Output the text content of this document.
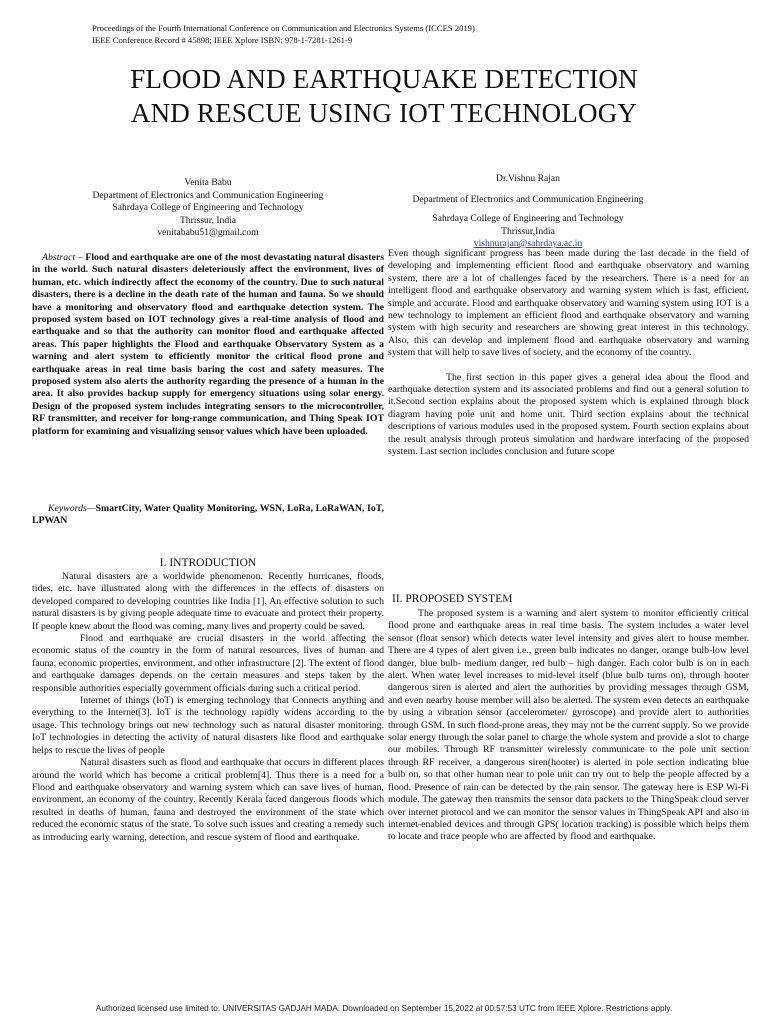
Proceedings of the Fourth International Conference on Communication and Electronics Systems (ICCES 2019)
IEEE Conference Record # 45898; IEEE Xplore ISBN: 978-1-7281-1261-9
FLOOD AND EARTHQUAKE DETECTION
AND RESCUE USING IOT TECHNOLOGY
Venita Babu
Department of Electronics and Communication Engineering
Sahrdaya College of Engineering and Technology
Thrissur, India
venitababu51@gmail.com
Dr.Vishnu Rajan
Department of Electronics and Communication Engineering
Sahrdaya College of Engineering and Technology
Thrissur,India
vishnurajan@sahrdaya.ac.in

Abstract – Flood and earthquake are one of the most devastating natural disasters in the world. Such natural disasters deleteriously affect the environment, lives of human, etc. which indirectly affect the economy of the country. Due to such natural disasters, there is a decline in the death rate of the human and fauna. So we should have a monitoring and observatory flood and earthquake detection system. The proposed system based on IOT technology gives a real-time analysis of flood and earthquake and so that the authority can monitor flood and earthquake affected areas. This paper highlights the Flood and earthquake Observatory System as a warning and alert system to efficiently monitor the critical flood prone and earthquake areas in real time basis baring the cost and safety measures. The proposed system also alerts the authority regarding the presence of a human in the area. It also provides backup supply for emergency situations using solar energy. Design of the proposed system includes integrating sensors to the microcontroller, RF transmitter, and receiver for long-range communication, and Thing Speak IOT platform for examining and visualizing sensor values which have been uploaded.

Keywords—SmartCity, Water Quality Monitoring, WSN, LoRa, LoRaWAN, IoT, LPWAN

I. INTRODUCTION

Natural disasters are a worldwide phenomenon. Recently hurricanes, floods, tides, etc. have illustrated along with the differences in the effects of disasters on developed compared to developing countries like India [1]. An effective solution to such natural disasters is by giving people adequate time to evacuate and protect their property. If people knew about the flood was coming, many lives and property could be saved.

Flood and earthquake are crucial disasters in the world affecting the economic status of the country in the form of natural resources, lives of human and fauna, economic properties, environment, and other infrastructure [2]. The extent of flood and earthquake damages depends on the certain measures and steps taken by the responsible authorities especially government officials during such a critical period.

Internet of things (IoT) is emerging technology that Connects anything and everything to the Internet[3]. IoT is the technology rapidly widens according to the usage. This technology brings out new technology such as natural disaster monitoring. IoT technologies in detecting the activity of natural disasters like flood and earthquake helps to rescue the lives of people

Natural disasters such as flood and earthquake that occurs in different places around the world which has become a critical problem[4]. Thus there is a need for a Flood and earthquake observatory and warning system which can save lives of human, environment, an economy of the country. Recently Kerala faced dangerous floods which resulted in deaths of human, fauna and destroyed the environment of the state which reduced the economic status of the state. To solve such issues and creating a remedy such as introducing early warning, detection, and rescue system of flood and earthquake.

Even though significant progress has been made during the last decade in the field of developing and implementing efficient flood and earthquake observatory and warning system, there are a lot of challenges faced by the researchers. There is a need for an intelligent flood and earthquake observatory and warning system which is fast, efficient, simple and accurate. Flood and earthquake observatory and warning system using IOT is a new technology to implement an efficient flood and earthquake observatory and warning system with high security and researchers are showing great interest in this technology. Also, this can develop and implement flood and earthquake observatory and warning system that will help to save lives of society, and the economy of the country.

The first section in this paper gives a general idea about the flood and earthquake detection system and its associated problems and find out a general solution to it.Second section explains about the proposed system which is explained through block diagram having pole unit and home unit. Third section explains about the technical descriptions of various modules used in the proposed system. Fourth section explains about the result analysis through proteus simulation and hardware interfacing of the proposed system. Last section includes conclusion and future scope

II. PROPOSED SYSTEM

The proposed system is a warning and alert system to monitor efficiently critical flood prone and earthquake areas in real time basis. The system includes a water level sensor (float sensor) which detects water level intensity and gives alert to house member. There are 4 types of alert given i.e., green bulb indicates no danger, orange bulb-low level danger, blue bulb- medium danger, red bulb – high danger. Each color bulb is on in each alert. When water level increases to mid-level itself (blue bulb turns on), through hooter dangerous siren is alerted and alert the authorities by providing messages through GSM, and even nearby house member will also be alerted. The system even detects an earthquake by using a vibration sensor (accelerometer/ gyroscope) and provide alert to authorities through GSM. In such flood-prone areas, they may not be the current supply. So we provide solar energy through the solar panel to charge the whole system and provide a slot to charge our mobiles. Through RF transmitter wirelessly communicate to the pole unit section through RF receiver, a dangerous siren(hooter) is alerted in pole section indicating blue bulb on, so that other human near to pole unit can try out to help the people affected by a flood. Presence of rain can be detected by the rain sensor. The gateway here is ESP Wi-Fi module. The gateway then transmits the sensor data packets to the ThingSpeak cloud server over internet protocol and we can monitor the sensor values in ThingSpeak API and also in internet-enabled devices and through GPS( location tracking) is possible which helps them to locate and trace people who are affected by flood and earthquake.

Authorized licensed use limited to: UNIVERSITAS GADJAH MADA. Downloaded on September 15,2022 at 00:57:53 UTC from IEEE Xplore. Restrictions apply.
